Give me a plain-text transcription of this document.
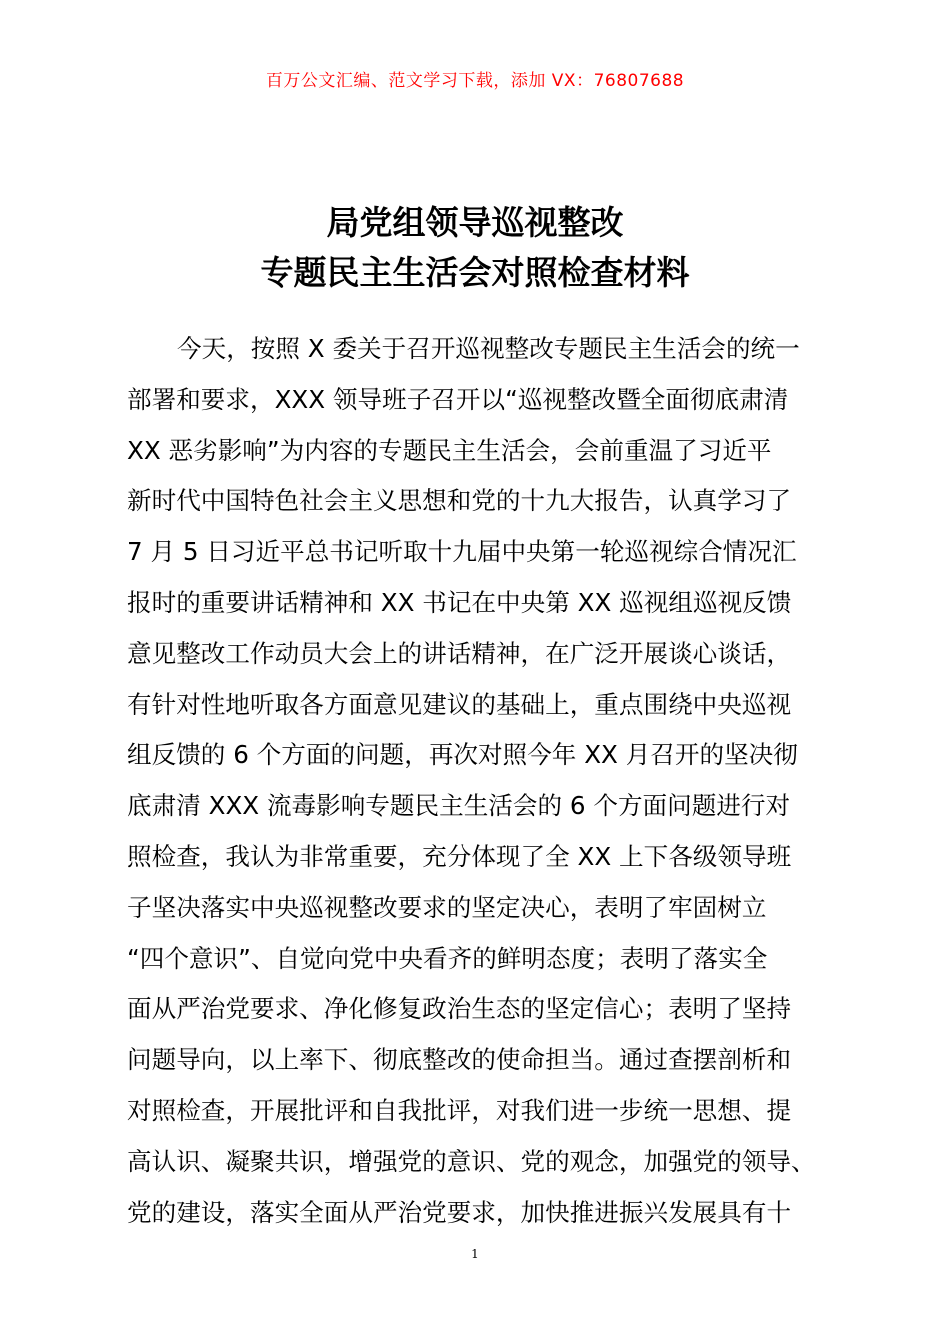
百万公文汇编、范文学习下载，添加 VX：76807688
局党组领导巡视整改
专题民主生活会对照检查材料
今天，按照 X 委关于召开巡视整改专题民主生活会的统一
部署和要求，XXX 领导班子召开以“巡视整改暨全面彻底肃清
XX 恶劣影响”为内容的专题民主生活会，会前重温了习近平
新时代中国特色社会主义思想和党的十九大报告，认真学习了
7 月 5 日习近平总书记听取十九届中央第一轮巡视综合情况汇
报时的重要讲话精神和 XX 书记在中央第 XX 巡视组巡视反馈
意见整改工作动员大会上的讲话精神，在广泛开展谈心谈话，
有针对性地听取各方面意见建议的基础上，重点围绕中央巡视
组反馈的 6 个方面的问题，再次对照今年 XX 月召开的坚决彻
底肃清 XXX 流毒影响专题民主生活会的 6 个方面问题进行对
照检查，我认为非常重要，充分体现了全 XX 上下各级领导班
子坚决落实中央巡视整改要求的坚定决心，表明了牢固树立
“四个意识”、自觉向党中央看齐的鲜明态度；表明了落实全
面从严治党要求、净化修复政治生态的坚定信心；表明了坚持
问题导向，以上率下、彻底整改的使命担当。通过查摆剖析和
对照检查，开展批评和自我批评，对我们进一步统一思想、提
高认识、凝聚共识，增强党的意识、党的观念，加强党的领导、
党的建设，落实全面从严治党要求，加快推进振兴发展具有十
1
